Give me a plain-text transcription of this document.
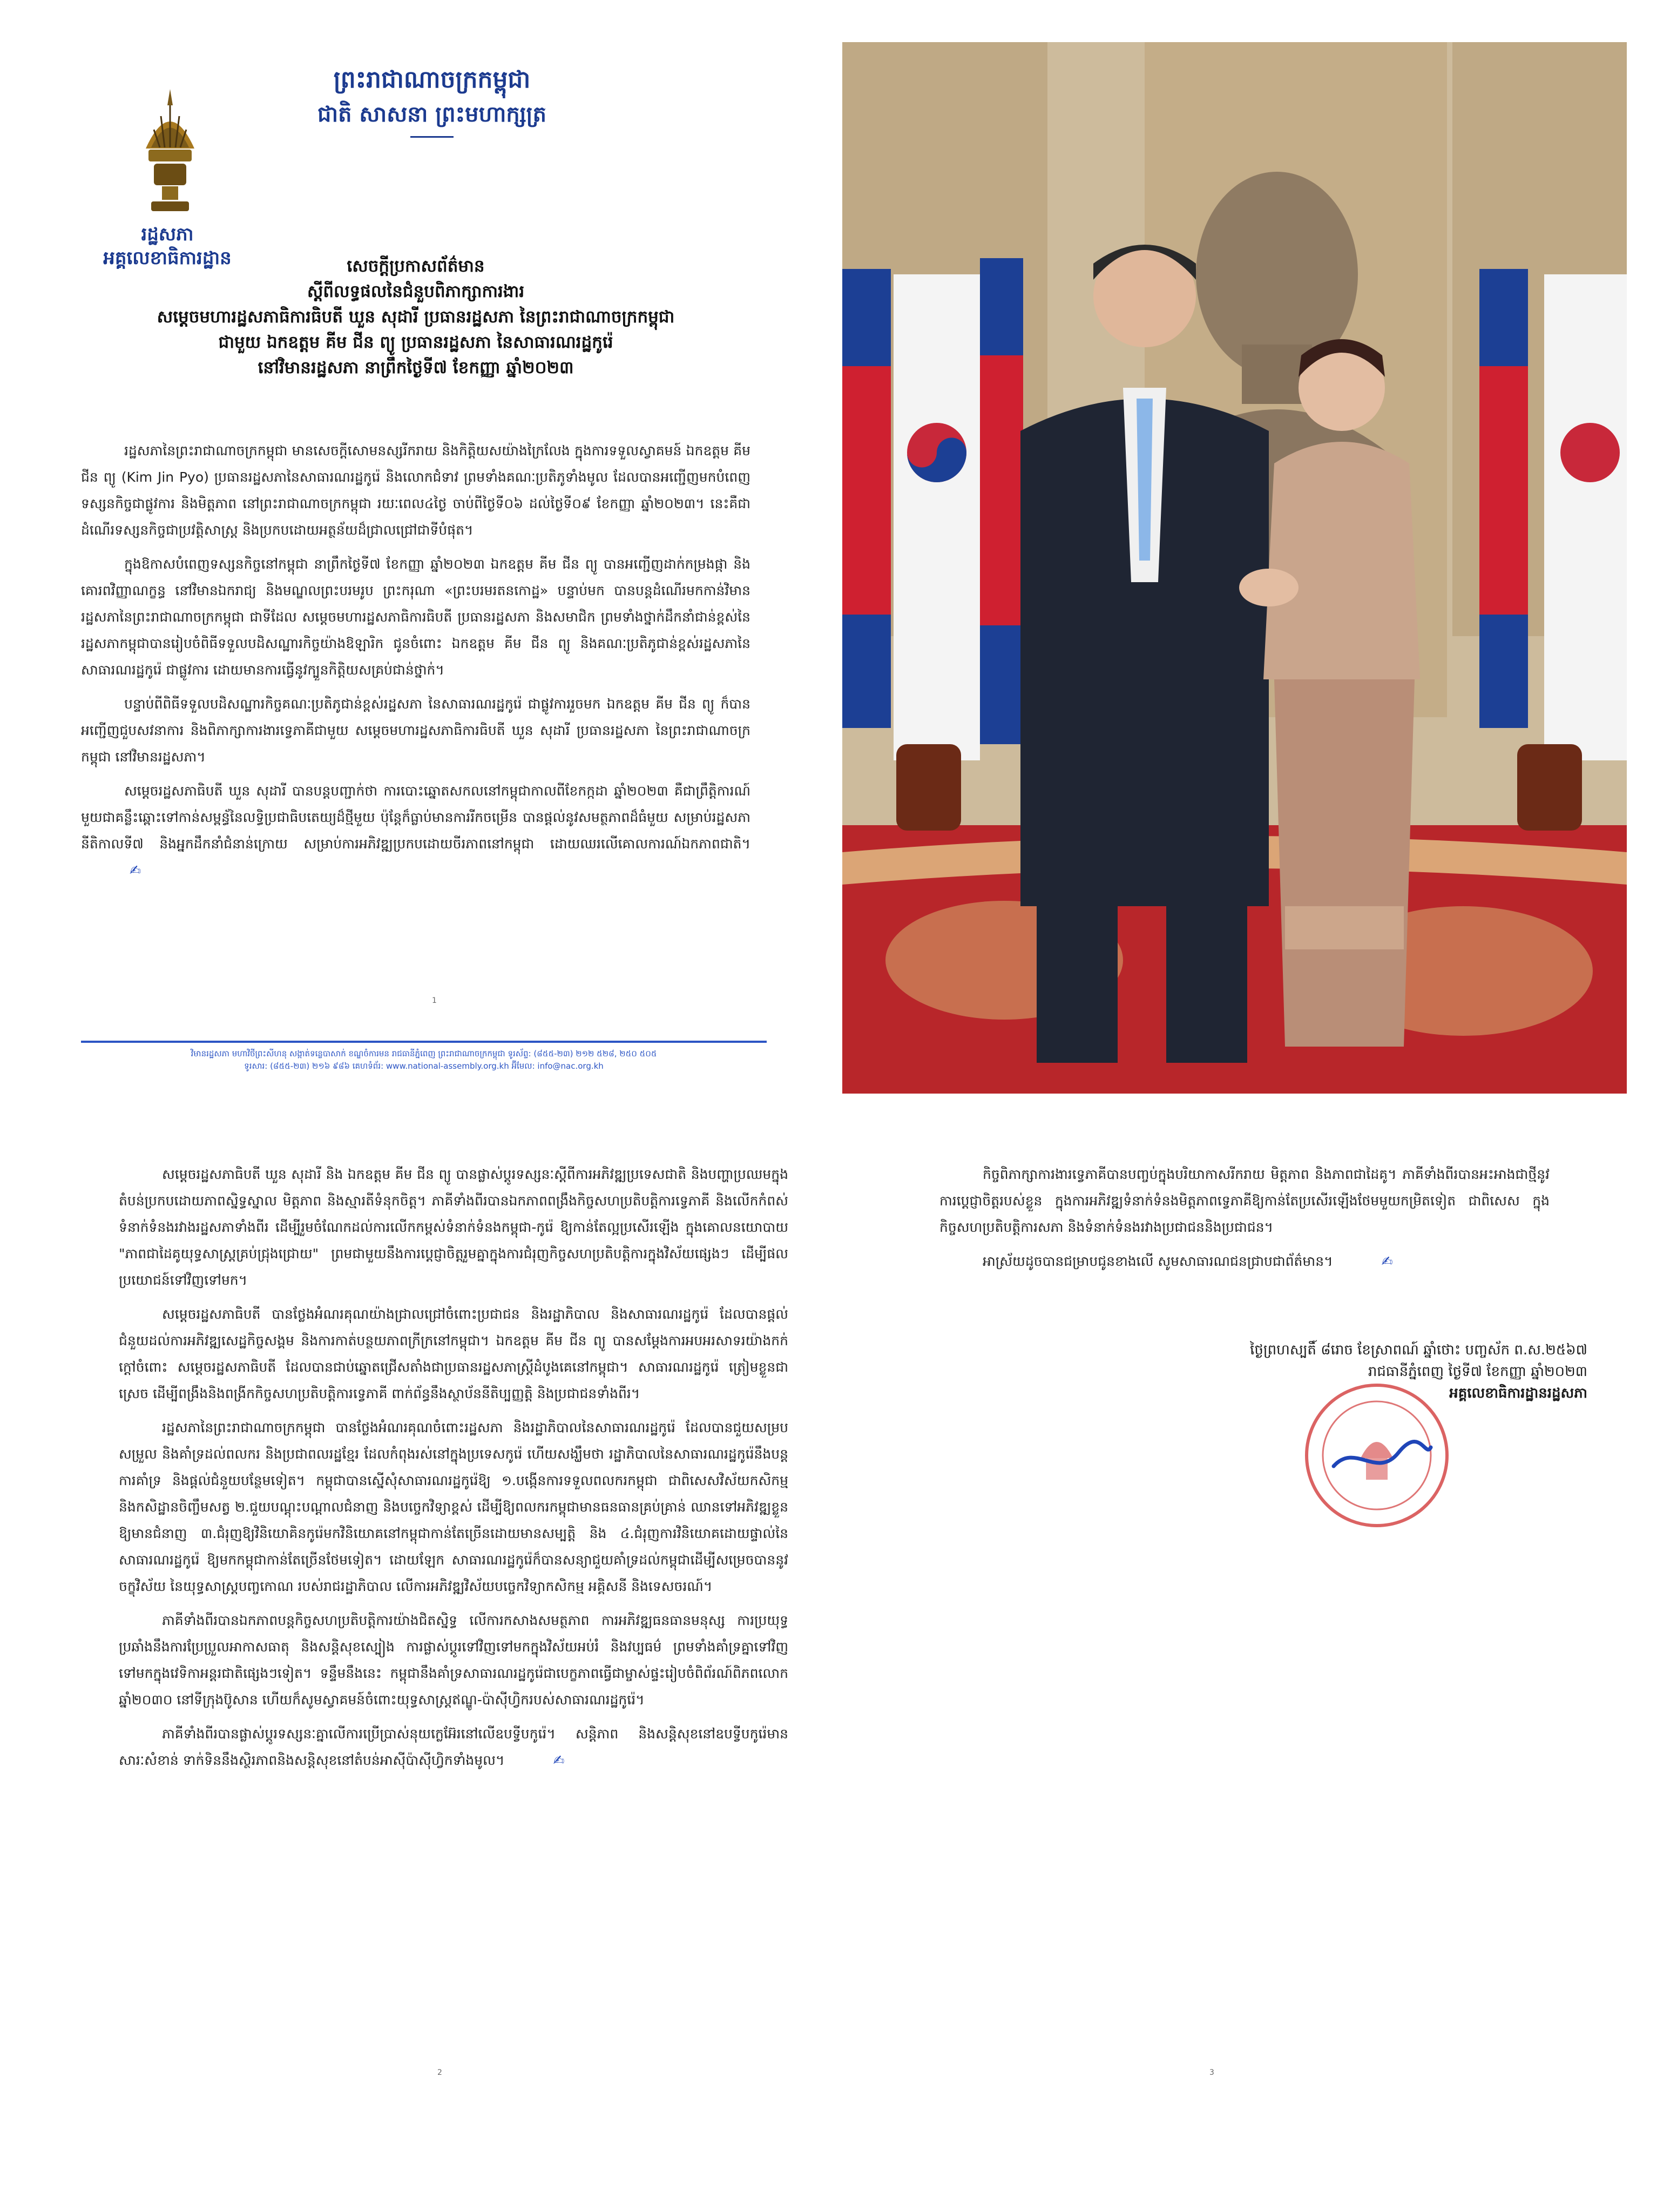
រដ្ឋសភា
អគ្គលេខាធិការដ្ឋាន
ព្រះរាជាណាចក្រកម្ពុជា
ជាតិ សាសនា ព្រះមហាក្សត្រ
សេចក្ដីប្រកាសព័ត៌មាន
ស្តីពីលទ្ធផលនៃជំនួបពិភាក្សាការងារ
សម្តេចមហារដ្ឋសភាធិការធិបតី ឃួន សុដារី ប្រធានរដ្ឋសភា នៃព្រះរាជាណាចក្រកម្ពុជា
ជាមួយ ឯកឧត្តម គីម ជីន ព្យូ ប្រធានរដ្ឋសភា នៃសាធារណរដ្ឋកូរ៉េ
នៅវិមានរដ្ឋសភា នាព្រឹកថ្ងៃទី៧ ខែកញ្ញា ឆ្នាំ២០២៣

រដ្ឋសភានៃព្រះរាជាណាចក្រកម្ពុជា មានសេចក្ដីសោមនស្សរីករាយ និងកិត្តិយសយ៉ាងក្រៃលែង ក្នុងការទទួលស្វាគមន៍ ឯកឧត្តម គីម ជីន ព្យូ (Kim Jin Pyo) ប្រធានរដ្ឋសភានៃសាធារណរដ្ឋកូរ៉េ និងលោកជំទាវ ព្រមទាំងគណៈប្រតិភូទាំងមូល ដែលបានអញ្ជើញមកបំពេញទស្សនកិច្ចជាផ្លូវការ និងមិត្តភាព នៅព្រះរាជាណាចក្រកម្ពុជា រយៈពេល៤ថ្ងៃ ចាប់ពីថ្ងៃទី០៦ ដល់ថ្ងៃទី០៩ ខែកញ្ញា ឆ្នាំ២០២៣។ នេះគឺជាដំណើរទស្សនកិច្ចជាប្រវត្តិសាស្ត្រ និងប្រកបដោយអត្ថន័យដ៏ជ្រាលជ្រៅជាទីបំផុត។

ក្នុងឱកាសបំពេញទស្សនកិច្ចនៅកម្ពុជា នាព្រឹកថ្ងៃទី៧ ខែកញ្ញា ឆ្នាំ២០២៣ ឯកឧត្តម គីម ជីន ព្យូ បានអញ្ជើញដាក់កម្រងផ្កា និងគោរពវិញ្ញាណក្ខន្ធ នៅវិមានឯករាជ្យ និងមណ្ឌលព្រះបរមរូប ព្រះករុណា «ព្រះបរមរតនកោដ្ឋ» បន្ទាប់មក បានបន្តដំណើរមកកាន់វិមានរដ្ឋសភានៃព្រះរាជាណាចក្រកម្ពុជា ជាទីដែល សម្ដេចមហារដ្ឋសភាធិការធិបតី ប្រធានរដ្ឋសភា និងសមាជិក ព្រមទាំងថ្នាក់ដឹកនាំជាន់ខ្ពស់នៃរដ្ឋសភាកម្ពុជាបានរៀបចំពិធីទទួលបដិសណ្ឋារកិច្ចយ៉ាងឱឡារិក ជូនចំពោះ ឯកឧត្តម គីម ជីន ព្យូ និងគណៈប្រតិភូជាន់ខ្ពស់រដ្ឋសភានៃសាធារណរដ្ឋកូរ៉េ ជាផ្លូវការ ដោយមានការធ្វើនូវក្បួនកិត្តិយសគ្រប់ជាន់ថ្នាក់។

បន្ទាប់ពីពិធីទទួលបដិសណ្ឋារកិច្ចគណៈប្រតិភូជាន់ខ្ពស់រដ្ឋសភា នៃសាធារណរដ្ឋកូរ៉េ ជាផ្លូវការរួចមក ឯកឧត្តម គីម ជីន ព្យូ ក៏បានអញ្ជើញជួបសវនាការ និងពិភាក្សាការងារទ្វេភាគីជាមួយ សម្ដេចមហារដ្ឋសភាធិការធិបតី ឃួន សុដារី ប្រធានរដ្ឋសភា នៃព្រះរាជាណាចក្រកម្ពុជា នៅវិមានរដ្ឋសភា។

សម្ដេចរដ្ឋសភាធិបតី ឃួន សុដារី បានបន្តបញ្ជាក់ថា ការបោះឆ្នោតសកលនៅកម្ពុជាកាលពីខែកក្កដា ឆ្នាំ២០២៣ គឺជាព្រឹត្តិការណ៍មួយជាគន្លឹះឆ្ពោះទៅកាន់សម្ពន្ធ័នៃលទ្ធិប្រជាធិបតេយ្យដ៏ថ្មីមួយ ប៉ុន្តែក៏ធ្លាប់មានការរីកចម្រើន បានផ្តល់នូវសមត្ថភាពដ៏ធំមួយ សម្រាប់រដ្ឋសភានីតិកាលទី៧ និងអ្នកដឹកនាំជំនាន់ក្រោយ សម្រាប់ការអភិវឌ្ឍប្រកបដោយចីរភាពនៅកម្ពុជា ដោយឈរលើគោលការណ៍ឯកភាពជាតិ។✍

1
វិមានរដ្ឋសភា មហាវិថីព្រះសីហនុ សង្កាត់ទន្លេបាសាក់ ខណ្ឌចំការមន រាជធានីភ្នំពេញ ព្រះរាជាណាចក្រកម្ពុជា ទូរស័ព្ទ: (៨៥៥-២៣) ២១២ ៥២៨, ២៥០ ៥០៥
ទូរសារ: (៨៥៥-២៣) ២១៦ ៩៨៦ គេហទំព័រ: www.national-assembly.org.kh អ៊ីមែល: info@nac.org.kh

សម្ដេចរដ្ឋសភាធិបតី ឃួន សុដារី និង ឯកឧត្តម គីម ជីន ព្យូ បានផ្លាស់ប្ដូរទស្សនៈស្ដីពីការអភិវឌ្ឍប្រទេសជាតិ និងបញ្ហាប្រឈមក្នុងតំបន់ប្រកបដោយភាពស្និទ្ធស្នាល មិត្តភាព និងស្មារតីទំនុកចិត្ត។ ភាគីទាំងពីរបានឯកភាពពង្រឹងកិច្ចសហប្រតិបត្តិការទ្វេភាគី និងលើកកំពស់ទំនាក់ទំនងរវាងរដ្ឋសភាទាំងពីរ ដើម្បីរួមចំណែកដល់ការលើកកម្ពស់ទំនាក់ទំនងកម្ពុជា-កូរ៉េ ឱ្យកាន់តែល្អប្រសើរឡើង ក្នុងគោលនយោបាយ "ភាពជាដៃគូយុទ្ធសាស្ត្រគ្រប់ជ្រុងជ្រោយ" ព្រមជាមួយនឹងការប្តេជ្ញាចិត្តរួមគ្នាក្នុងការជំរុញកិច្ចសហប្រតិបត្តិការក្នុងវិស័យផ្សេងៗ ដើម្បីផលប្រយោជន៍ទៅវិញទៅមក។

សម្ដេចរដ្ឋសភាធិបតី បានថ្លែងអំណរគុណយ៉ាងជ្រាលជ្រៅចំពោះប្រជាជន និងរដ្ឋាភិបាល និងសាធារណរដ្ឋកូរ៉េ ដែលបានផ្ដល់ជំនួយដល់ការអភិវឌ្ឍសេដ្ឋកិច្ចសង្គម និងការកាត់បន្ថយភាពក្រីក្រនៅកម្ពុជា។ ឯកឧត្តម គីម ជីន ព្យូ បានសម្ដែងការអបអរសាទរយ៉ាងកក់ក្ដៅចំពោះ សម្ដេចរដ្ឋសភាធិបតី ដែលបានជាប់ឆ្នោតជ្រើសតាំងជាប្រធានរដ្ឋសភាស្ត្រីដំបូងគេនៅកម្ពុជា។ សាធារណរដ្ឋកូរ៉េ ត្រៀមខ្លួនជាស្រេច ដើម្បីពង្រឹងនិងពង្រីកកិច្ចសហប្រតិបត្តិការទ្វេភាគី ពាក់ព័ន្ធនឹងស្ថាប័ននីតិប្បញ្ញត្តិ និងប្រជាជនទាំងពីរ។

រដ្ឋសភានៃព្រះរាជាណាចក្រកម្ពុជា បានថ្លែងអំណរគុណចំពោះរដ្ឋសភា និងរដ្ឋាភិបាលនៃសាធារណរដ្ឋកូរ៉េ ដែលបានជួយសម្របសម្រួល និងគាំទ្រដល់ពលករ និងប្រជាពលរដ្ឋខ្មែរ ដែលកំពុងរស់នៅក្នុងប្រទេសកូរ៉េ ហើយសង្ឃឹមថា រដ្ឋាភិបាលនៃសាធារណរដ្ឋកូរ៉េនឹងបន្តការគាំទ្រ និងផ្តល់ជំនួយបន្ថែមទៀត។ កម្ពុជាបានស្នើសុំសាធារណរដ្ឋកូរ៉េឱ្យ ១.បង្កើនការទទួលពលករកម្ពុជា ជាពិសេសវិស័យកសិកម្ម និងកសិដ្ឋានចិញ្ចឹមសត្វ ២.ជួយបណ្ដុះបណ្ដាលជំនាញ និងបច្ចេកវិទ្យាខ្ពស់ ដើម្បីឱ្យពលករកម្ពុជាមានធនធានគ្រប់គ្រាន់ ឈានទៅអភិវឌ្ឍខ្លួនឱ្យមានជំនាញ ៣.ជំរុញឱ្យវិនិយោគិនកូរ៉េមកវិនិយោគនៅកម្ពុជាកាន់តែច្រើនដោយមានសម្បត្តិ និង ៤.ជំរុញការវិនិយោគដោយផ្ទាល់នៃសាធារណរដ្ឋកូរ៉េ ឱ្យមកកម្ពុជាកាន់តែច្រើនថែមទៀត។ ដោយឡែក សាធារណរដ្ឋកូរ៉េក៏បានសន្យាជួយគាំទ្រដល់កម្ពុជាដើម្បីសម្រេចបាននូវចក្ខុវិស័យ នៃយុទ្ធសាស្ត្របញ្ចកោណ របស់រាជរដ្ឋាភិបាល លើការអភិវឌ្ឍវិស័យបច្ចេកវិទ្យាកសិកម្ម អគ្គិសនី និងទេសចរណ៍។

ភាគីទាំងពីរបានឯកភាពបន្តកិច្ចសហប្រតិបត្តិការយ៉ាងជិតស្និទ្ធ លើការកសាងសមត្ថភាព ការអភិវឌ្ឍធនធានមនុស្ស ការប្រយុទ្ធប្រឆាំងនឹងការប្រែប្រួលអាកាសធាតុ និងសន្តិសុខស្បៀង ការផ្លាស់ប្តូរទៅវិញទៅមកក្នុងវិស័យអប់រំ និងវប្បធម៌ ព្រមទាំងគាំទ្រគ្នាទៅវិញទៅមកក្នុងវេទិកាអន្តរជាតិផ្សេងៗទៀត។ ទន្ទឹមនឹងនេះ កម្ពុជានឹងគាំទ្រសាធារណរដ្ឋកូរ៉េជាបេក្ខភាពធ្វើជាម្ចាស់ផ្ទះរៀបចំពិព័រណ៍ពិភពលោកឆ្នាំ២០៣០ នៅទីក្រុងប៊ូសាន ហើយក៏សូមស្វាគមន៍ចំពោះយុទ្ធសាស្ត្រឥណ្ឌូ-ប៉ាស៊ីហ្វិករបស់សាធារណរដ្ឋកូរ៉េ។

ភាគីទាំងពីរបានផ្លាស់ប្តូរទស្សនៈគ្នាលើការប្រើប្រាស់នុយក្លេអ៊ែរនៅលើឧបទ្វីបកូរ៉េ។ សន្តិភាព និងសន្តិសុខនៅឧបទ្វីបកូរ៉េមានសារៈសំខាន់ ទាក់ទិននឹងស្ថិរភាពនិងសន្តិសុខនៅតំបន់អាស៊ីប៉ាស៊ីហ្វិកទាំងមូល។	✍

2

កិច្ចពិភាក្សាការងារទ្វេភាគីបានបញ្ចប់ក្នុងបរិយាកាសរីករាយ មិត្តភាព និងភាពជាដៃគូ។ ភាគីទាំងពីរបានអះអាងជាថ្មីនូវការប្តេជ្ញាចិត្តរបស់ខ្លួន ក្នុងការអភិវឌ្ឍទំនាក់ទំនងមិត្តភាពទ្វេភាគីឱ្យកាន់តែប្រសើរឡើងថែមមួយកម្រិតទៀត ជាពិសេស ក្នុងកិច្ចសហប្រតិបត្តិការសភា និងទំនាក់ទំនងរវាងប្រជាជននិងប្រជាជន។

អាស្រ័យដូចបានជម្រាបជូនខាងលើ សូមសាធារណជនជ្រាបជាព័ត៌មាន។	✍

ថ្ងៃព្រហស្បតិ៍ ៨រោច ខែស្រាពណ៍ ឆ្នាំថោះ បញ្ចស័ក ព.ស.២៥៦៧
រាជធានីភ្នំពេញ ថ្ងៃទី៧ ខែកញ្ញា ឆ្នាំ២០២៣
អគ្គលេខាធិការដ្ឋានរដ្ឋសភា
3
